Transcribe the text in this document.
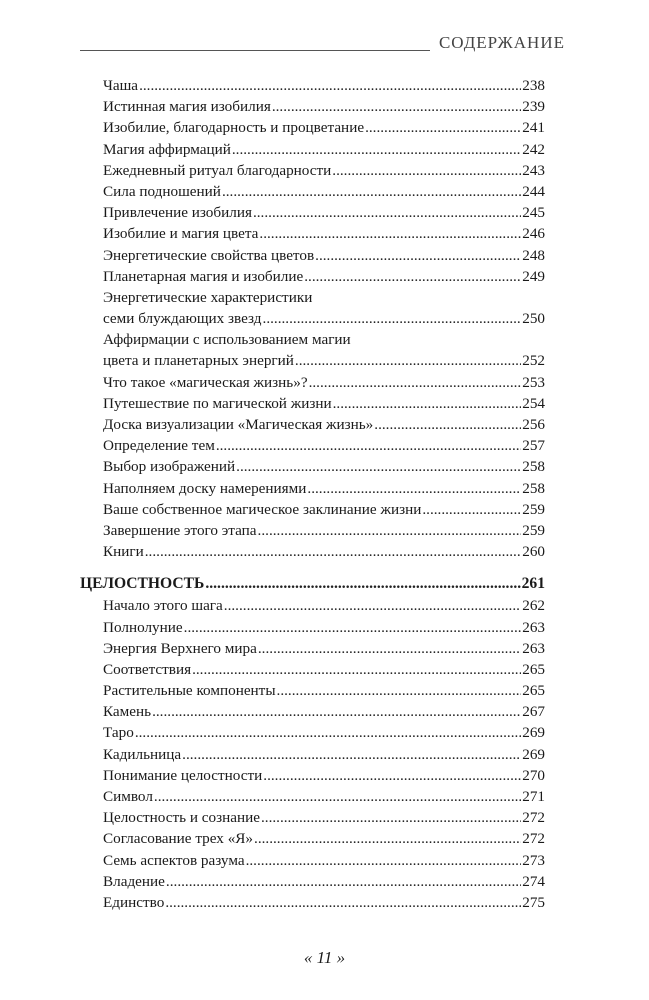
СОДЕРЖАНИЕ
Чаша .....	238
Истинная магия изобилия .....	239
Изобилие, благодарность и процветание .....	241
Магия аффирмаций .....	242
Ежедневный ритуал благодарности .....	243
Сила подношений .....	244
Привлечение изобилия .....	245
Изобилие и магия цвета .....	246
Энергетические свойства цветов .....	248
Планетарная магия и изобилие .....	249
Энергетические характеристики
семи блуждающих звезд .....	250
Аффирмации с использованием магии
цвета и планетарных энергий .....	252
Что такое «магическая жизнь»? .....	253
Путешествие по магической жизни .....	254
Доска визуализации «Магическая жизнь» .....	256
Определение тем .....	257
Выбор изображений .....	258
Наполняем доску намерениями .....	258
Ваше собственное магическое заклинание жизни .....	259
Завершение этого этапа .....	259
Книги .....	260
ЦЕЛОСТНОСТЬ .....	261
Начало этого шага .....	262
Полнолуние .....	263
Энергия Верхнего мира .....	263
Соответствия .....	265
Растительные компоненты .....	265
Камень .....	267
Таро .....	269
Кадильница .....	269
Понимание целостности .....	270
Символ .....	271
Целостность и сознание .....	272
Согласование трех «Я» .....	272
Семь аспектов разума .....	273
Владение .....	274
Единство .....	275
« 11 »
